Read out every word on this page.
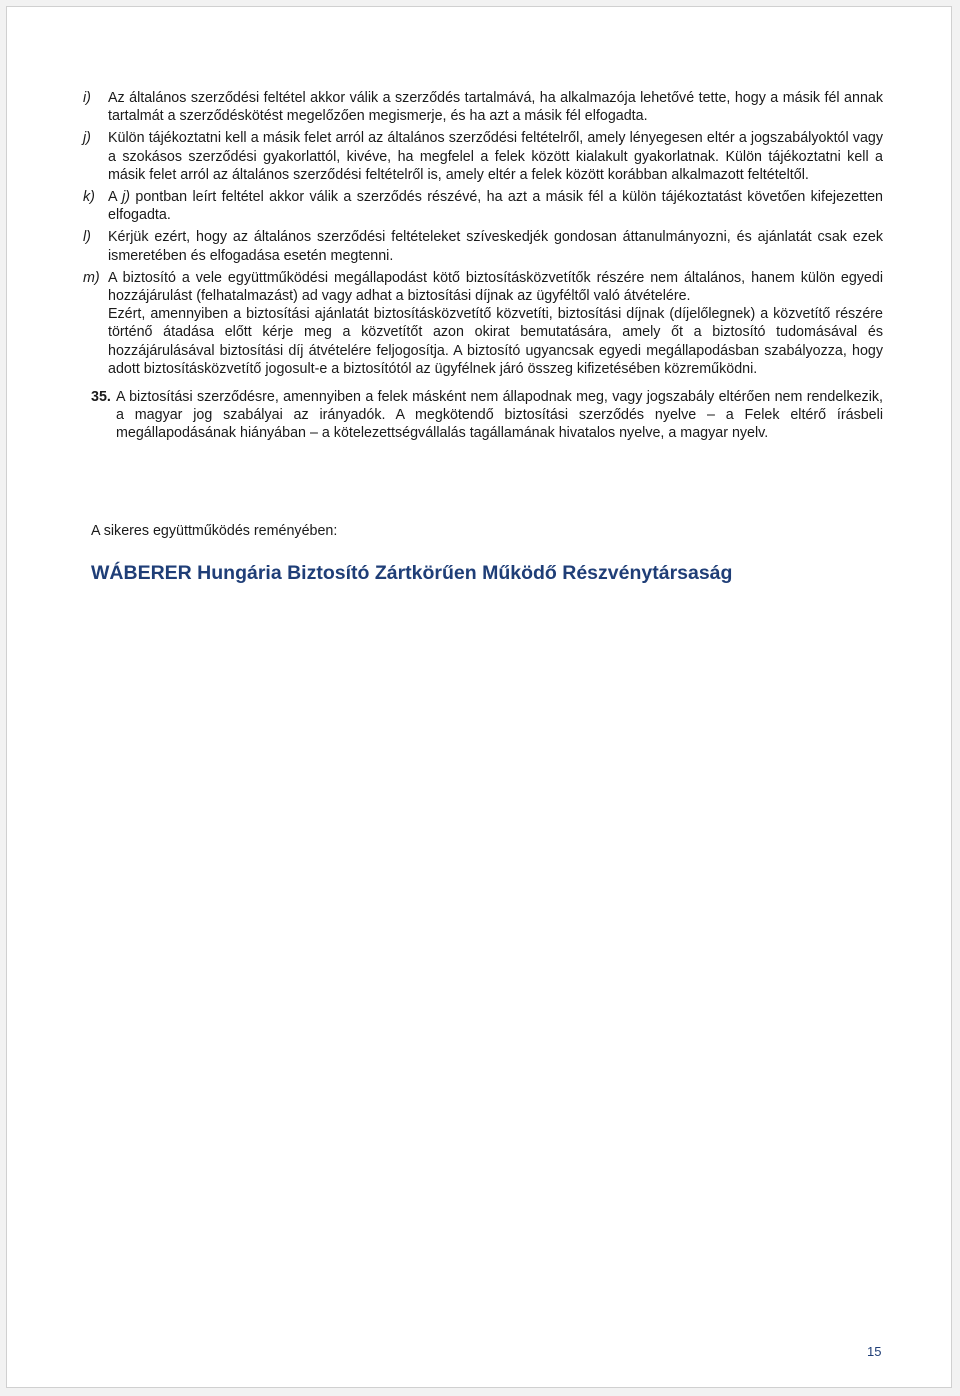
i)	Az általános szerződési feltétel akkor válik a szerződés tartalmává, ha alkalmazója lehetővé tette, hogy a másik fél annak tartalmát a szerződéskötést megelőzően megismerje, és ha azt a másik fél elfogadta.
j)	Külön tájékoztatni kell a másik felet arról az általános szerződési feltételről, amely lényegesen eltér a jogszabályoktól vagy a szokásos szerződési gyakorlattól, kivéve, ha megfelel a felek között kialakult gyakorlatnak. Külön tájékoztatni kell a másik felet arról az általános szerződési feltételről is, amely eltér a felek között korábban alkalmazott feltételtől.
k) A j) pontban leírt feltétel akkor válik a szerződés részévé, ha azt a másik fél a külön tájékoztatást követően kifejezetten elfogadta.
l)	Kérjük ezért, hogy az általános szerződési feltételeket szíveskedjék gondosan áttanulmányozni, és ajánlatát csak ezek ismeretében és elfogadása esetén megtenni.
m) A biztosító a vele együttműködési megállapodást kötő biztosításközvetítők részére nem általános, hanem külön egyedi hozzájárulást (felhatalmazást) ad vagy adhat a biztosítási díjnak az ügyféltől való átvételére.
Ezért, amennyiben a biztosítási ajánlatát biztosításközvetítő közvetíti, biztosítási díjnak (díjelőlegnek) a közvetítő részére történő átadása előtt kérje meg a közvetítőt azon okirat bemutatására, amely őt a biztosító tudomásával és hozzájárulásával biztosítási díj átvételére feljogosítja. A biztosító ugyancsak egyedi megállapodásban szabályozza, hogy adott biztosításközvetítő jogosult-e a biztosítótól az ügyfélnek járó összeg kifizetésében közreműködni.
35. A biztosítási szerződésre, amennyiben a felek másként nem állapodnak meg, vagy jogszabály eltérően nem rendelkezik, a magyar jog szabályai az irányadók. A megkötendő biztosítási szerződés nyelve – a Felek eltérő írásbeli megállapodásának hiányában – a kötelezettségvállalás tagállamának hivatalos nyelve, a magyar nyelv.
A sikeres együttműködés reményében:
WÁBERER Hungária Biztosító Zártkörűen Működő Részvénytársaság
15
